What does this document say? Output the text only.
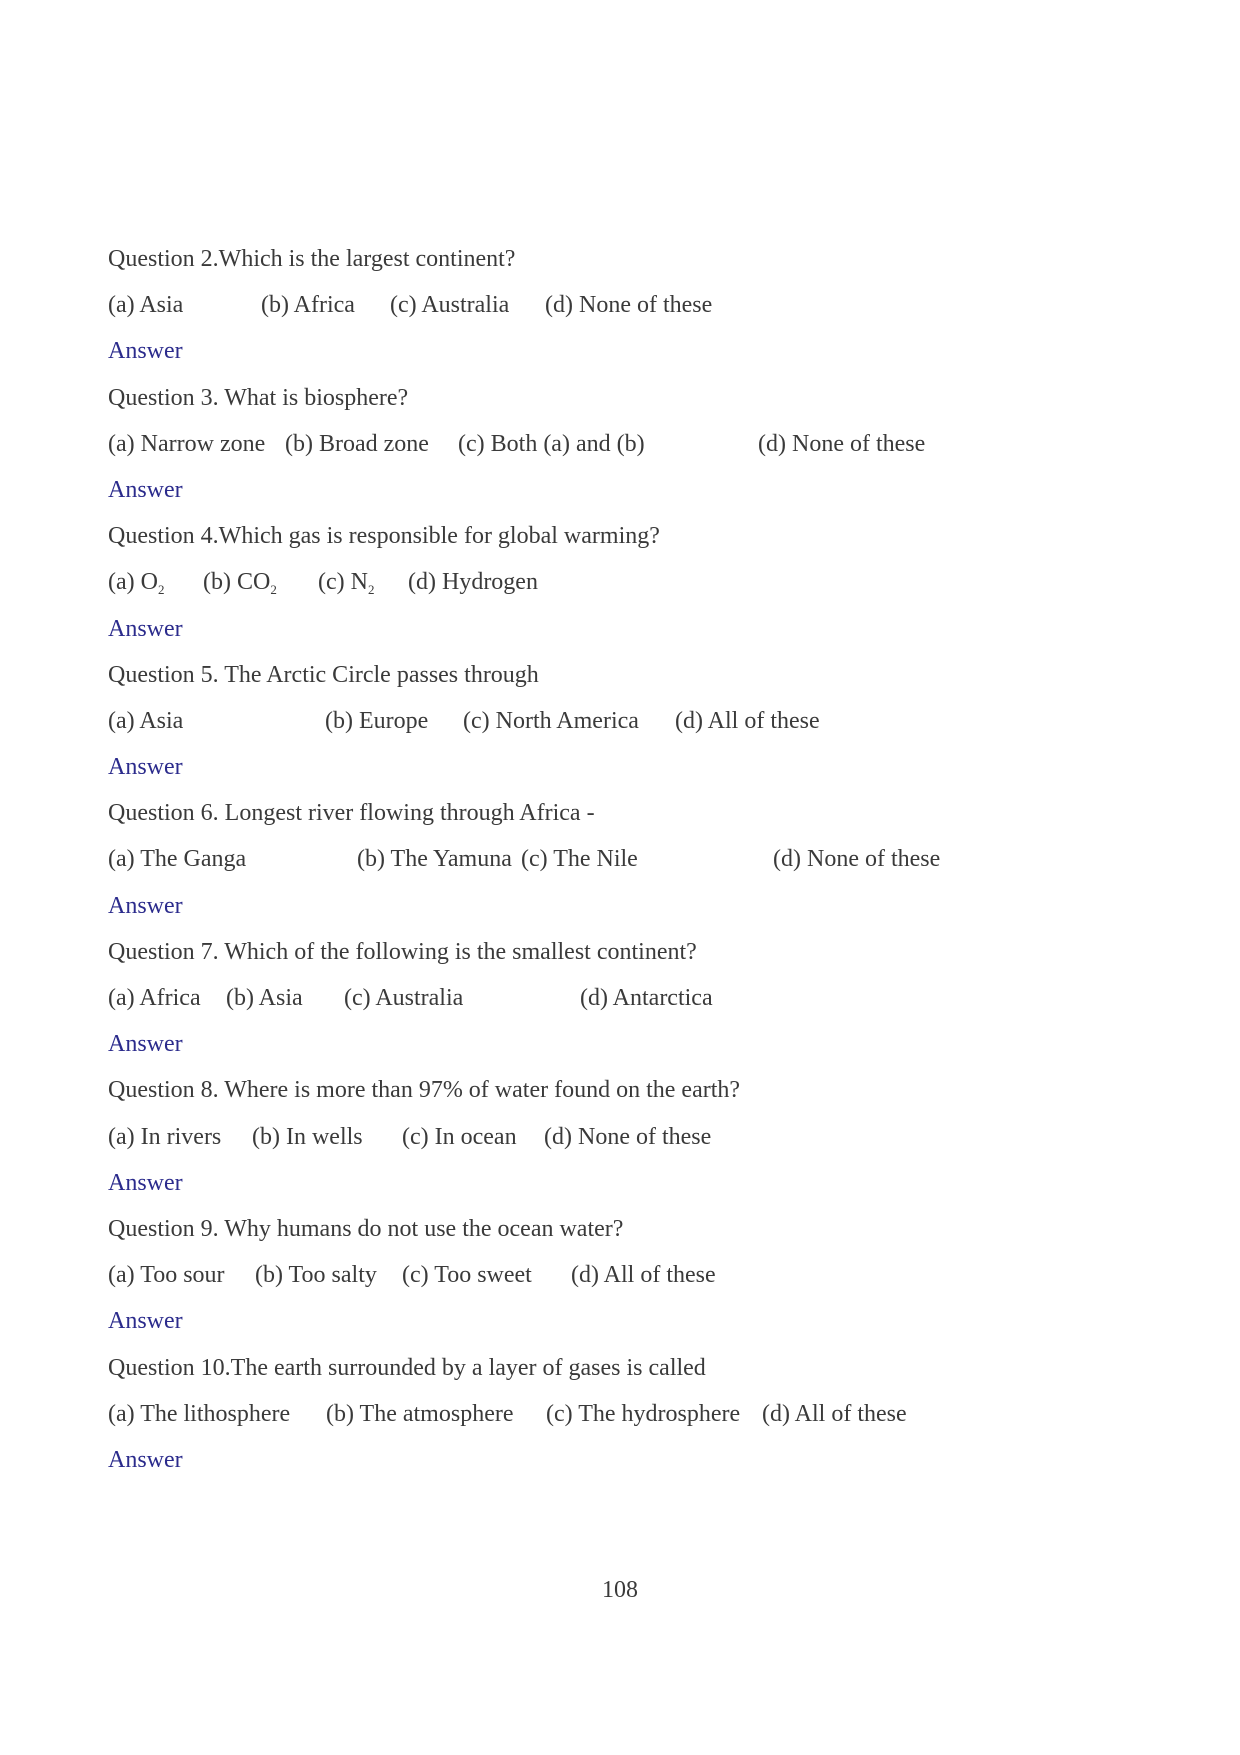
Question 2.Which is the largest continent?
(a) Asia	(b) Africa (c) Australia (d) None of these
Answer
Question 3. What is biosphere?
(a) Narrow zone (b) Broad zone (c) Both (a) and (b)	(d) None of these
Answer
Question 4.Which gas is responsible for global warming?
(a) $O_2$ (b) $CO_2$ (c) $N_2$ (d) Hydrogen
Answer
Question 5. The Arctic Circle passes through
(a) Asia	(b) Europe (c) North America (d) All of these
Answer
Question 6. Longest river flowing through Africa -
(a) The Ganga	(b) The Yamuna (c) The Nile	(d) None of these
Answer
Question 7. Which of the following is the smallest continent?
(a) Africa (b) Asia (c) Australia	(d) Antarctica
Answer
Question 8. Where is more than 97% of water found on the earth?
(a) In rivers (b) In wells (c) In ocean (d) None of these
Answer
Question 9. Why humans do not use the ocean water?
(a) Too sour (b) Too salty (c) Too sweet (d) All of these
Answer
Question 10.The earth surrounded by a layer of gases is called
(a) The lithosphere (b) The atmosphere (c) The hydrosphere (d) All of these
Answer
108
